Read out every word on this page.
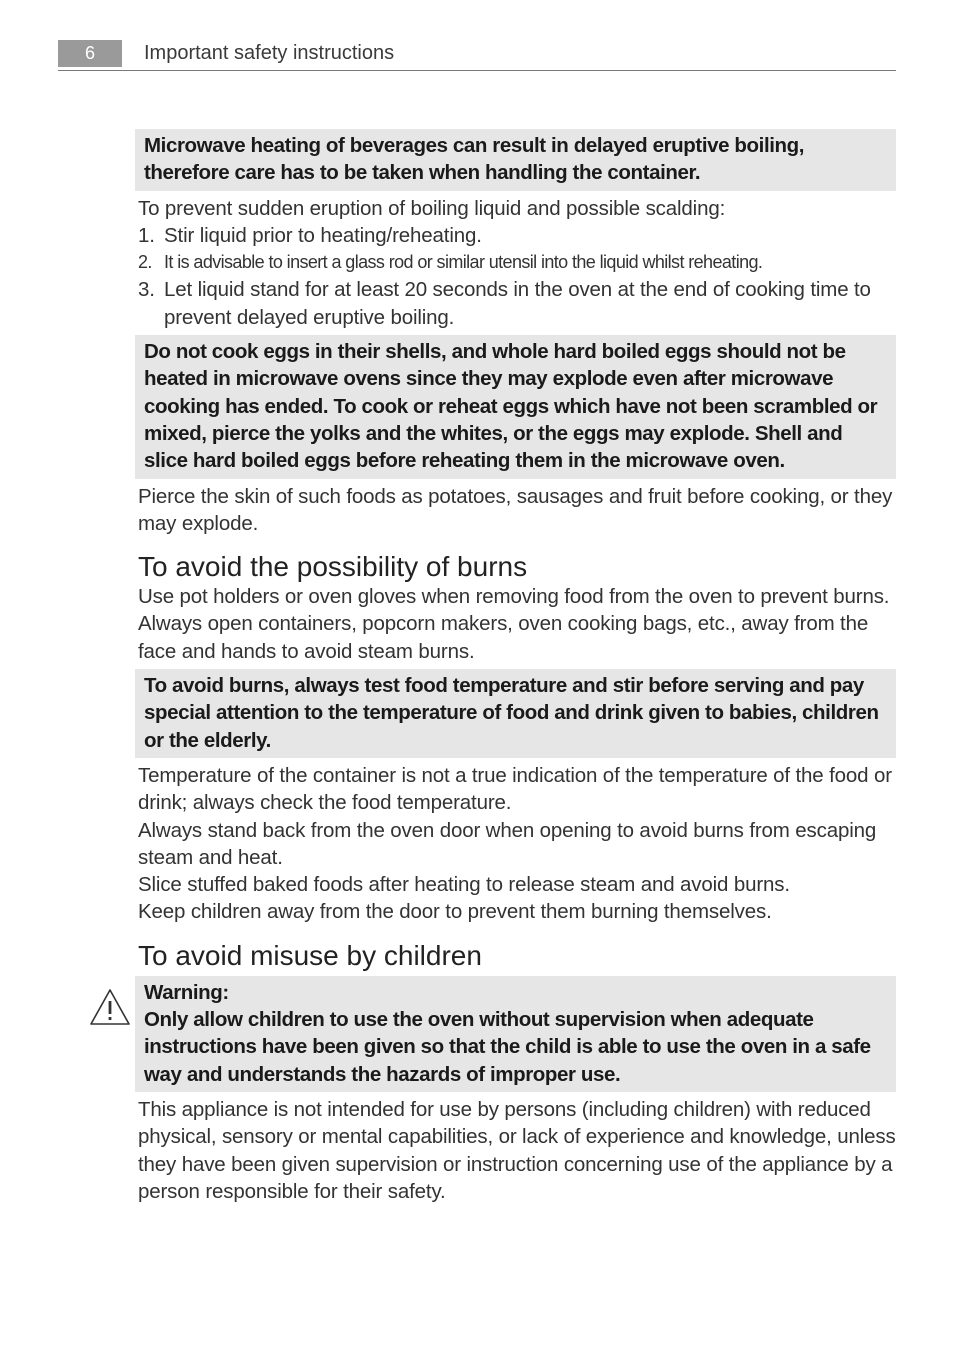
6	Important safety instructions
Microwave heating of beverages can result in delayed eruptive boiling, therefore care has to be taken when handling the container.
To prevent sudden eruption of boiling liquid and possible scalding:
1. Stir liquid prior to heating/reheating.
2. It is advisable to insert a glass rod or similar utensil into the liquid whilst reheating.
3. Let liquid stand for at least 20 seconds in the oven at the end of cooking time to prevent delayed eruptive boiling.
Do not cook eggs in their shells, and whole hard boiled eggs should not be heated in microwave ovens since they may explode even after microwave cooking has ended. To cook or reheat eggs which have not been scrambled or mixed, pierce the yolks and the whites, or the eggs may explode. Shell and slice hard boiled eggs before reheating them in the microwave oven.
Pierce the skin of such foods as potatoes, sausages and fruit before cooking, or they may explode.
To avoid the possibility of burns
Use pot holders or oven gloves when removing food from the oven to prevent burns.
Always open containers, popcorn makers, oven cooking bags, etc., away from the face and hands to avoid steam burns.
To avoid burns, always test food temperature and stir before serving and pay special attention to the temperature of food and drink given to babies, children or the elderly.
Temperature of the container is not a true indication of the temperature of the food or drink; always check the food temperature.
Always stand back from the oven door when opening to avoid burns from escaping steam and heat.
Slice stuffed baked foods after heating to release steam and avoid burns.
Keep children away from the door to prevent them burning themselves.
To avoid misuse by children
Warning:
Only allow children to use the oven without supervision when adequate instructions have been given so that the child is able to use the oven in a safe way and understands the hazards of improper use.
This appliance is not intended for use by persons (including children) with reduced physical, sensory or mental capabilities, or lack of experience and knowledge, unless they have been given supervision or instruction concerning use of the appliance by a person responsible for their safety.
